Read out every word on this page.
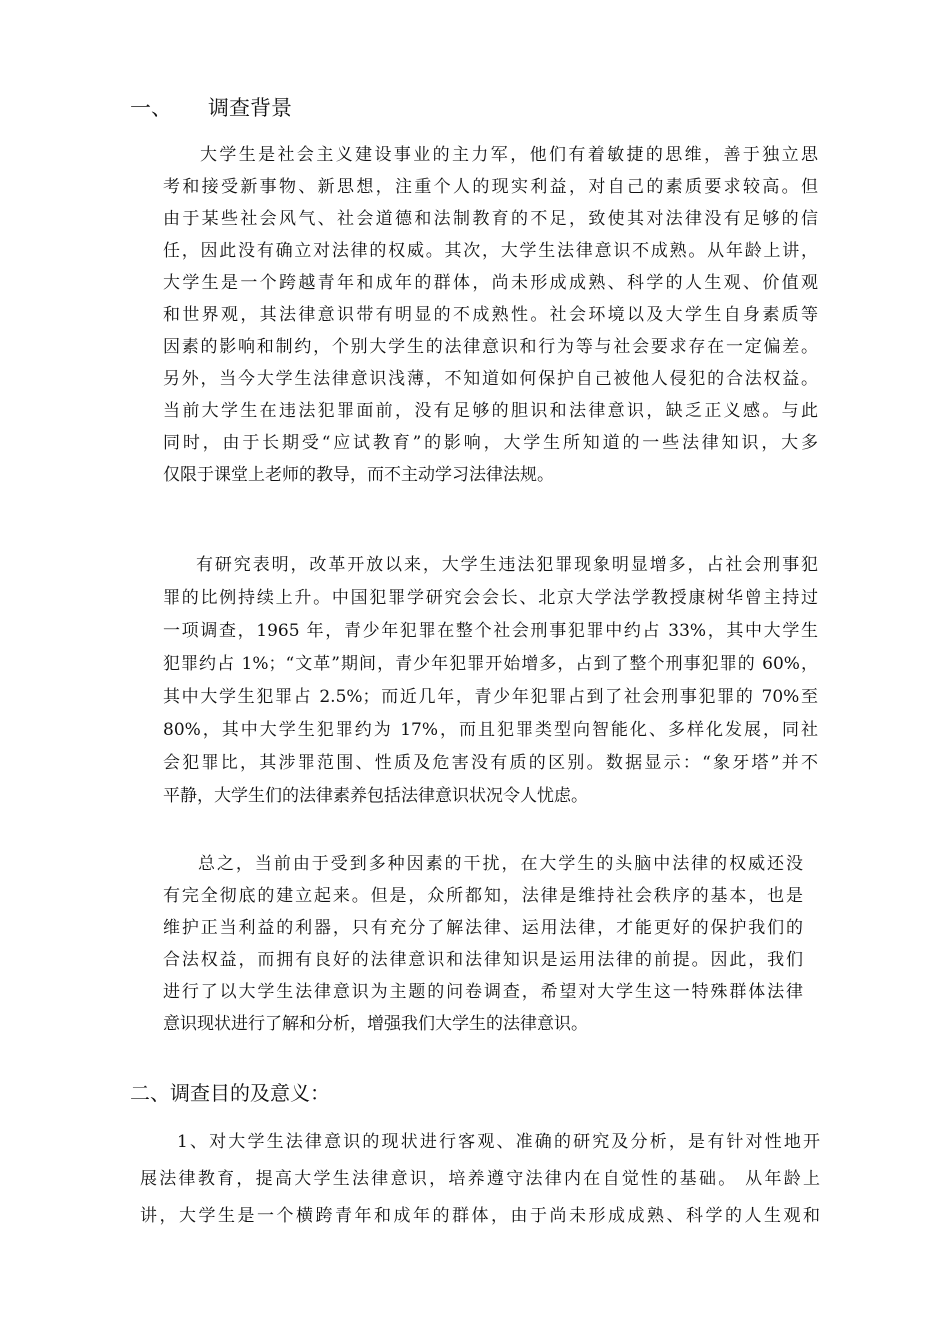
一、 调查背景
大学生是社会主义建设事业的主力军，他们有着敏捷的思维，善于独立思
考和接受新事物、新思想，注重个人的现实利益，对自己的素质要求较高。但
由于某些社会风气、社会道德和法制教育的不足，致使其对法律没有足够的信
任，因此没有确立对法律的权威。其次，大学生法律意识不成熟。从年龄上讲，
大学生是一个跨越青年和成年的群体，尚未形成成熟、科学的人生观、价值观
和世界观，其法律意识带有明显的不成熟性。社会环境以及大学生自身素质等
因素的影响和制约，个别大学生的法律意识和行为等与社会要求存在一定偏差。
另外，当今大学生法律意识浅薄，不知道如何保护自己被他人侵犯的合法权益。
当前大学生在违法犯罪面前，没有足够的胆识和法律意识，缺乏正义感。与此
同时，由于长期受“应试教育”的影响，大学生所知道的一些法律知识，大多
仅限于课堂上老师的教导，而不主动学习法律法规。
有研究表明，改革开放以来，大学生违法犯罪现象明显增多，占社会刑事犯
罪的比例持续上升。中国犯罪学研究会会长、北京大学法学教授康树华曾主持过
一项调查，1965 年，青少年犯罪在整个社会刑事犯罪中约占 33%，其中大学生
犯罪约占 1%；“文革”期间，青少年犯罪开始增多，占到了整个刑事犯罪的 60%，
其中大学生犯罪占 2.5%；而近几年，青少年犯罪占到了社会刑事犯罪的 70%至
80%，其中大学生犯罪约为 17%，而且犯罪类型向智能化、多样化发展，同社
会犯罪比，其涉罪范围、性质及危害没有质的区别。数据显示：“象牙塔”并不
平静，大学生们的法律素养包括法律意识状况令人忧虑。
总之，当前由于受到多种因素的干扰，在大学生的头脑中法律的权威还没
有完全彻底的建立起来。但是，众所都知，法律是维持社会秩序的基本，也是
维护正当利益的利器，只有充分了解法律、运用法律，才能更好的保护我们的
合法权益，而拥有良好的法律意识和法律知识是运用法律的前提。因此，我们
进行了以大学生法律意识为主题的问卷调查，希望对大学生这一特殊群体法律
意识现状进行了解和分析，增强我们大学生的法律意识。
二、调查目的及意义：
1、对大学生法律意识的现状进行客观、准确的研究及分析，是有针对性地开
展法律教育，提高大学生法律意识，培养遵守法律内在自觉性的基础。 从年龄上
讲，大学生是一个横跨青年和成年的群体，由于尚未形成成熟、科学的人生观和
